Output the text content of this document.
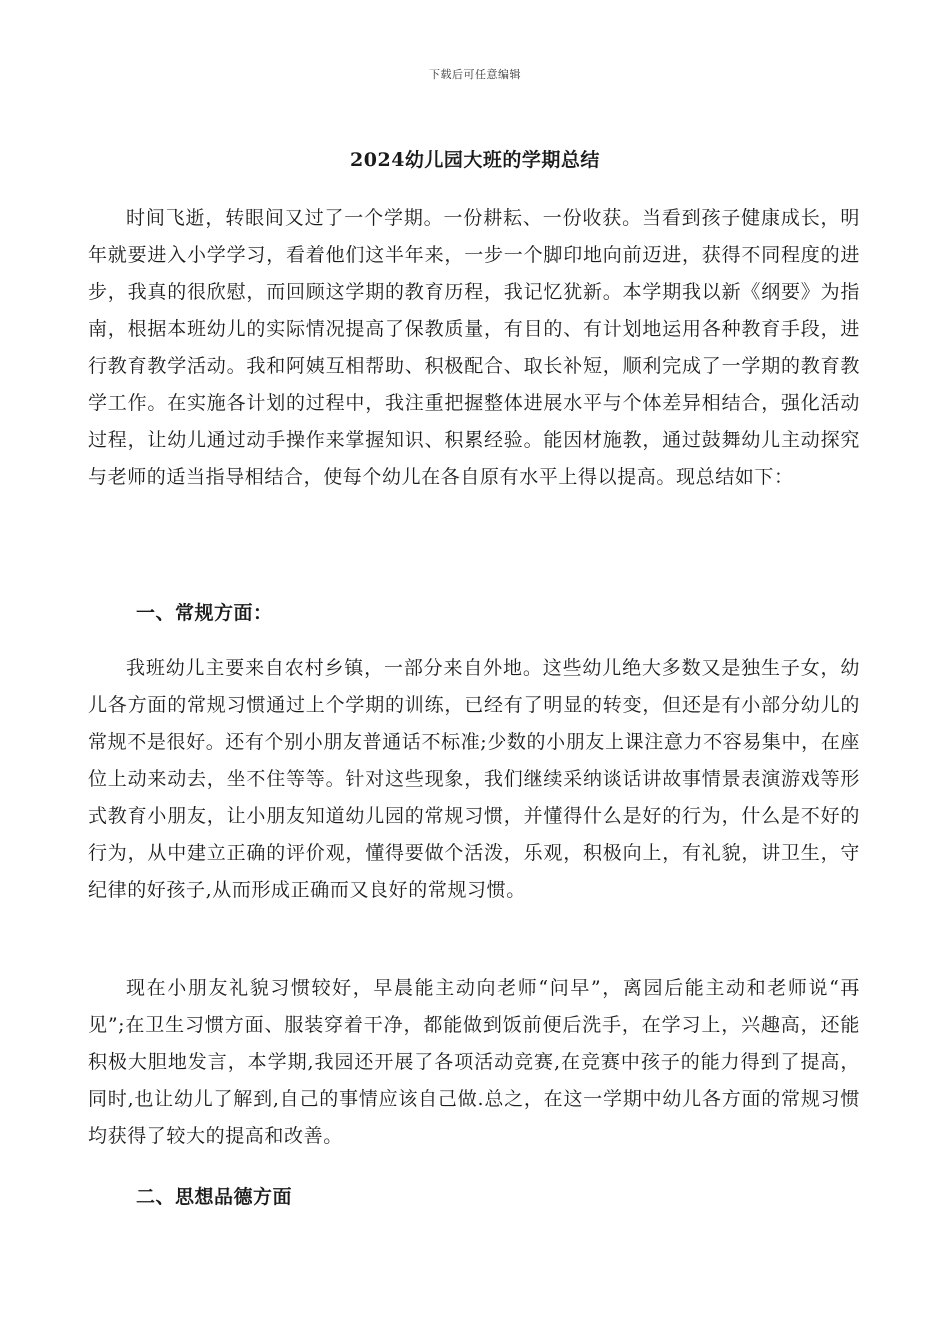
下载后可任意编辑
2024幼儿园大班的学期总结

时间飞逝，转眼间又过了一个学期。一份耕耘、一份收获。当看到孩子健康成长，明年就要进入小学学习，看着他们这半年来，一步一个脚印地向前迈进，获得不同程度的进步，我真的很欣慰，而回顾这学期的教育历程，我记忆犹新。本学期我以新《纲要》为指南，根据本班幼儿的实际情况提高了保教质量，有目的、有计划地运用各种教育手段，进行教育教学活动。我和阿姨互相帮助、积极配合、取长补短，顺利完成了一学期的教育教学工作。在实施各计划的过程中，我注重把握整体进展水平与个体差异相结合，强化活动过程，让幼儿通过动手操作来掌握知识、积累经验。能因材施教，通过鼓舞幼儿主动探究与老师的适当指导相结合，使每个幼儿在各自原有水平上得以提高。现总结如下：

一、常规方面：

我班幼儿主要来自农村乡镇，一部分来自外地。这些幼儿绝大多数又是独生子女，幼儿各方面的常规习惯通过上个学期的训练，已经有了明显的转变，但还是有小部分幼儿的常规不是很好。还有个别小朋友普通话不标准;少数的小朋友上课注意力不容易集中，在座位上动来动去，坐不住等等。针对这些现象，我们继续采纳谈话讲故事情景表演游戏等形式教育小朋友，让小朋友知道幼儿园的常规习惯，并懂得什么是好的行为，什么是不好的行为，从中建立正确的评价观，懂得要做个活泼，乐观，积极向上，有礼貌，讲卫生，守纪律的好孩子,从而形成正确而又良好的常规习惯。

现在小朋友礼貌习惯较好，早晨能主动向老师“问早”，离园后能主动和老师说“再见”;在卫生习惯方面、服装穿着干净，都能做到饭前便后洗手，在学习上，兴趣高，还能积极大胆地发言，本学期,我园还开展了各项活动竞赛,在竞赛中孩子的能力得到了提高，同时,也让幼儿了解到,自己的事情应该自己做.总之，在这一学期中幼儿各方面的常规习惯均获得了较大的提高和改善。

二、思想品德方面
